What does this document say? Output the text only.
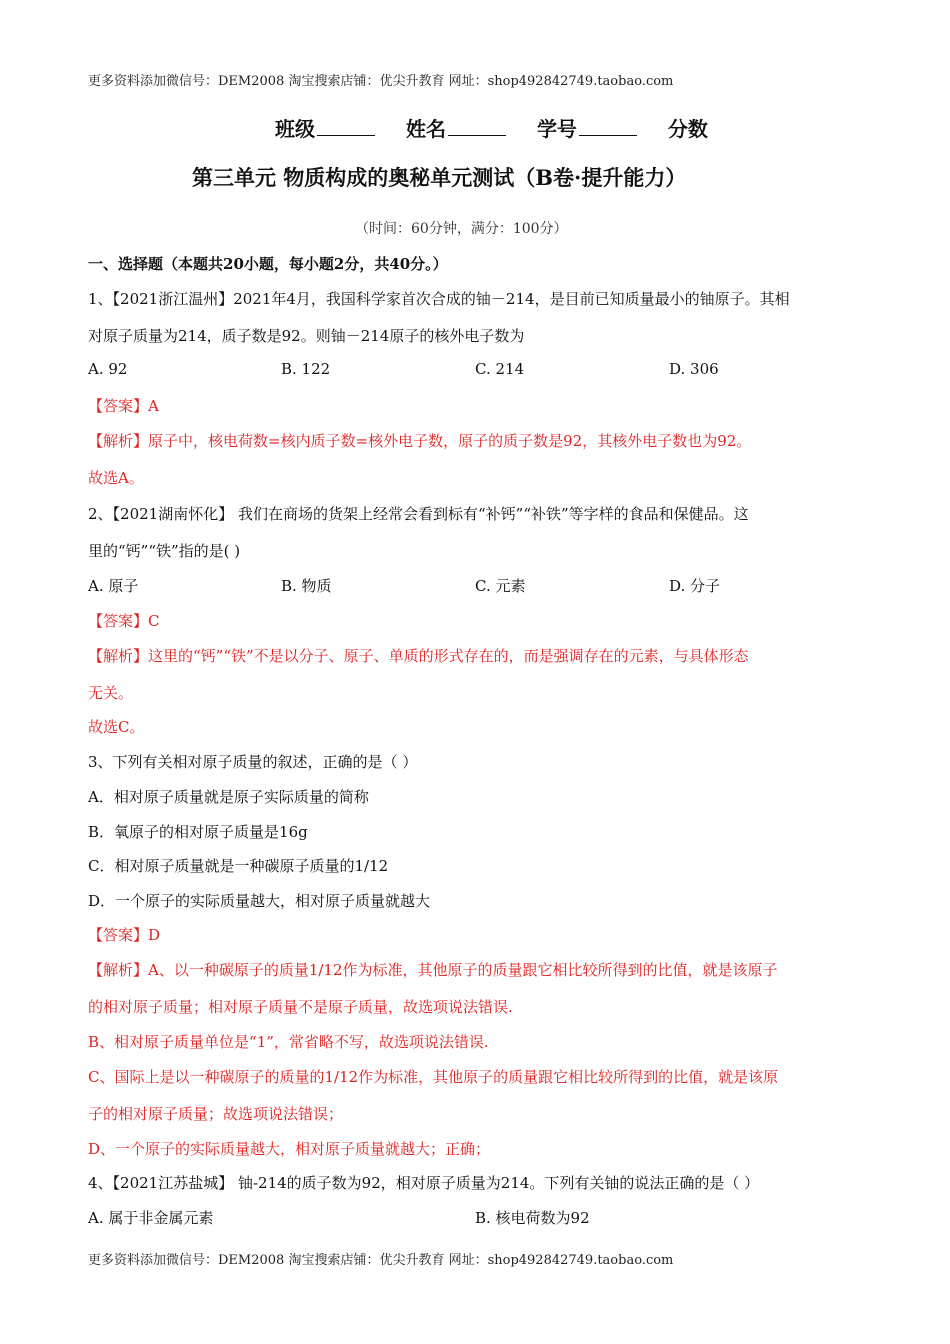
更多资料添加微信号：DEM2008 淘宝搜索店铺：优尖升教育 网址：shop492842749.taobao.com
班级	姓名	学号	分数
第三单元 物质构成的奥秘单元测试（B卷·提升能力）
（时间：60分钟，满分：100分）
一、选择题（本题共20小题，每小题2分，共40分。）
1、【2021浙江温州】2021年4月，我国科学家首次合成的铀－214，是目前已知质量最小的铀原子。其相
对原子质量为214，质子数是92。则铀－214原子的核外电子数为
A. 92	B. 122	C. 214	D. 306
【答案】A
【解析】原子中，核电荷数=核内质子数=核外电子数，原子的质子数是92，其核外电子数也为92。
故选A。
2、【2021湖南怀化】 我们在商场的货架上经常会看到标有“补钙”“补铁”等字样的食品和保健品。这
里的“钙”“铁”指的是( )
A. 原子	B. 物质	C. 元素	D. 分子
【答案】C
【解析】这里的“钙”“铁”不是以分子、原子、单质的形式存在的，而是强调存在的元素，与具体形态
无关。
故选C。
3、下列有关相对原子质量的叙述，正确的是（ ）
A．相对原子质量就是原子实际质量的简称
B．氧原子的相对原子质量是16g
C．相对原子质量就是一种碳原子质量的1/12
D．一个原子的实际质量越大，相对原子质量就越大
【答案】D
【解析】A、以一种碳原子的质量1/12作为标准，其他原子的质量跟它相比较所得到的比值，就是该原子
的相对原子质量；相对原子质量不是原子质量，故选项说法错误.
B、相对原子质量单位是“1”，常省略不写，故选项说法错误.
C、国际上是以一种碳原子的质量的1/12作为标准，其他原子的质量跟它相比较所得到的比值，就是该原
子的相对原子质量；故选项说法错误；
D、一个原子的实际质量越大，相对原子质量就越大；正确；
4、【2021江苏盐城】 铀-214的质子数为92，相对原子质量为214。下列有关铀的说法正确的是（ ）
A. 属于非金属元素	B. 核电荷数为92
更多资料添加微信号：DEM2008 淘宝搜索店铺：优尖升教育 网址：shop492842749.taobao.com
